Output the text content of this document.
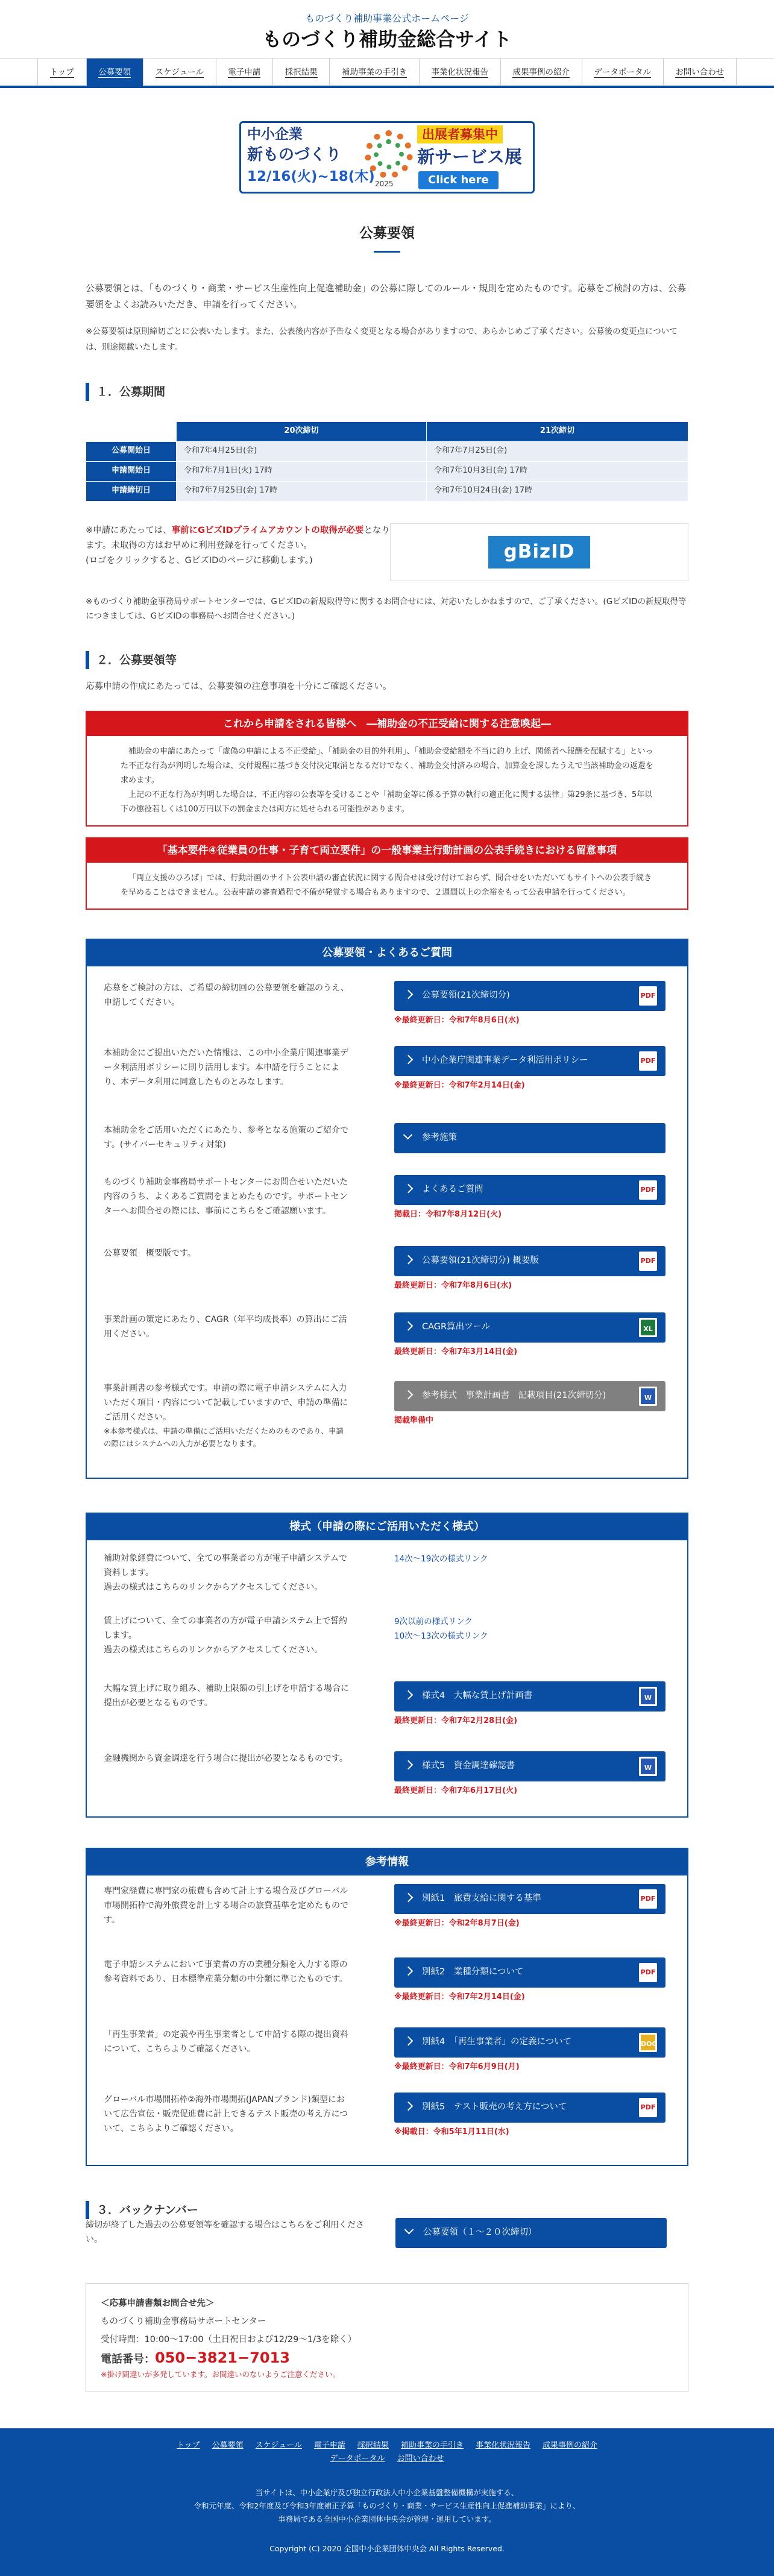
ものづくり補助事業公式ホームページ
ものづくり補助金総合サイト
トップ	公募要領	スケジュール	電子申請	採択結果	補助事業の手引き	事業化状況報告	成果事例の紹介	データポータル	お問い合わせ
中小企業
新ものづくり
12/16(火)~18(木) 2025
出展者募集中
新サービス展
Click here
公募要領

公募要領とは、「ものづくり・商業・サービス生産性向上促進補助金」の公募に際してのルール・規則を定めたものです。応募をご検討の方は、公募要領をよくお読みいただき、申請を行ってください。

※公募要領は原則締切ごとに公表いたします。また、公表後内容が予告なく変更となる場合がありますので、あらかじめご了承ください。公募後の変更点については、別途掲載いたします。

１．公募期間
	20次締切	21次締切
公募開始日	令和7年4月25日(金)	令和7年7月25日(金)
申請開始日	令和7年7月1日(火) 17時	令和7年10月3日(金) 17時
申請締切日	令和7年7月25日(金) 17時	令和7年10月24日(金) 17時
※申請にあたっては、事前にGビズIDプライムアカウントの取得が必要となります。未取得の方はお早めに利用登録を行ってください。
(ロゴをクリックすると、GビズIDのページに移動します。)	gBizID

※ものづくり補助金事務局サポートセンターでは、GビズIDの新規取得等に関するお問合せには、対応いたしかねますので、ご了承ください。(GビズIDの新規取得等につきましては、GビズIDの事務局へお問合せください。)

２．公募要領等

応募申請の作成にあたっては、公募要領の注意事項を十分にご確認ください。

これから申請をされる皆様へ　―補助金の不正受給に関する注意喚起―

補助金の申請にあたって「虚偽の申請による不正受給」、「補助金の目的外利用」、「補助金受給額を不当に釣り上げ、関係者へ報酬を配賦する」といった不正な行為が判明した場合は、交付規程に基づき交付決定取消となるだけでなく、補助金交付済みの場合、加算金を課したうえで当該補助金の返還を求めます。

上記の不正な行為が判明した場合は、不正内容の公表等を受けることや「補助金等に係る予算の執行の適正化に関する法律」第29条に基づき、5年以下の懲役若しくは100万円以下の罰金または両方に処せられる可能性があります。

「基本要件④従業員の仕事・子育て両立要件」の一般事業主行動計画の公表手続きにおける留意事項

「両立支援のひろば」では、行動計画のサイト公表申請の審査状況に関する問合せは受け付けておらず、問合せをいただいてもサイトへの公表手続きを早めることはできません。公表申請の審査過程で不備が発覚する場合もありますので、２週間以上の余裕をもって公表申請を行ってください。

公募要領・よくあるご質問

応募をご検討の方は、ご希望の締切回の公募要領を確認のうえ、申請してください。

公募要領(21次締切分)	PDF
※最終更新日：令和7年8月6日(水)

本補助金にご提出いただいた情報は、この中小企業庁関連事業データ利活用ポリシーに則り活用します。本申請を行うことにより、本データ利用に同意したものとみなします。

中小企業庁関連事業データ利活用ポリシー	PDF
※最終更新日：令和7年2月14日(金)

本補助金をご活用いただくにあたり、参考となる施策のご紹介です。(サイバーセキュリティ対策)

参考施策

ものづくり補助金事務局サポートセンターにお問合せいただいた内容のうち、よくあるご質問をまとめたものです。サポートセンターへお問合せの際には、事前にこちらをご確認願います。

よくあるご質問	PDF
掲載日：令和7年8月12日(火)

公募要領　概要版です。

公募要領(21次締切分) 概要版	PDF
最終更新日：令和7年8月6日(水)

事業計画の策定にあたり、CAGR（年平均成長率）の算出にご活用ください。

CAGR算出ツール	XL
最終更新日：令和7年3月14日(金)

事業計画書の参考様式です。申請の際に電子申請システムに入力いただく項目・内容について記載していますので、申請の準備にご活用ください。

※本参考様式は、申請の準備にご活用いただくためのものであり、申請の際にはシステムへの入力が必要となります。

参考様式　事業計画書　記載項目(21次締切分)	W
掲載準備中
様式（申請の際にご活用いただく様式）

補助対象経費について、全ての事業者の方が電子申請システムで資料します。

過去の様式はこちらのリンクからアクセスしてください。

14次〜19次の様式リンク

賃上げについて、全ての事業者の方が電子申請システム上で誓約します。

過去の様式はこちらのリンクからアクセスしてください。

9次以前の様式リンク
10次〜13次の様式リンク

大幅な賃上げに取り組み、補助上限額の引上げを申請する場合に提出が必要となるものです。

様式4　大幅な賃上げ計画書	W
最終更新日：令和7年2月28日(金)

金融機関から資金調達を行う場合に提出が必要となるものです。

様式5　資金調達確認書	W
最終更新日：令和7年6月17日(火)
参考情報

専門家経費に専門家の旅費も含めて計上する場合及びグローバル市場開拓枠で海外旅費を計上する場合の旅費基準を定めたものです。

別紙1　旅費支給に関する基準	PDF
※最終更新日：令和2年8月7日(金)

電子申請システムにおいて事業者の方の業種分類を入力する際の参考資料であり、日本標準産業分類の中分類に準じたものです。

別紙2　業種分類について	PDF
※最終更新日：令和7年2月14日(金)

「再生事業者」の定義や再生事業者として申請する際の提出資料について、こちらよりご確認ください。

別紙4　「再生事業者」の定義について	DOC
※最終更新日：令和7年6月9日(月)

グローバル市場開拓枠②海外市場開拓(JAPANブランド)類型において広告宣伝・販売促進費に計上できるテスト販売の考え方について、こちらよりご確認ください。

別紙5　テスト販売の考え方について	PDF
※掲載日：令和5年1月11日(水)
３．バックナンバー

締切が終了した過去の公募要領等を確認する場合はこちらをご利用ください。

公募要領（１〜２０次締切）
＜応募申請書類お問合せ先＞
ものづくり補助金事務局サポートセンター
受付時間：10:00〜17:00（土日祝日および12/29〜1/3を除く）
電話番号：050−3821−7013
※掛け間違いが多発しています。お間違いのないようご注意ください。
トップ 公募要領 スケジュール 電子申請 採択結果 補助事業の手引き 事業化状況報告 成果事例の紹介
データポータル お問い合わせ
当サイトは、中小企業庁及び独立行政法人中小企業基盤整備機構が実施する、
令和元年度、令和2年度及び令和3年度補正予算「ものづくり・商業・サービス生産性向上促進補助事業」により、
事務局である全国中小企業団体中央会が管理・運用しています。
Copyright (C) 2020 全国中小企業団体中央会 All Rights Reserved.
